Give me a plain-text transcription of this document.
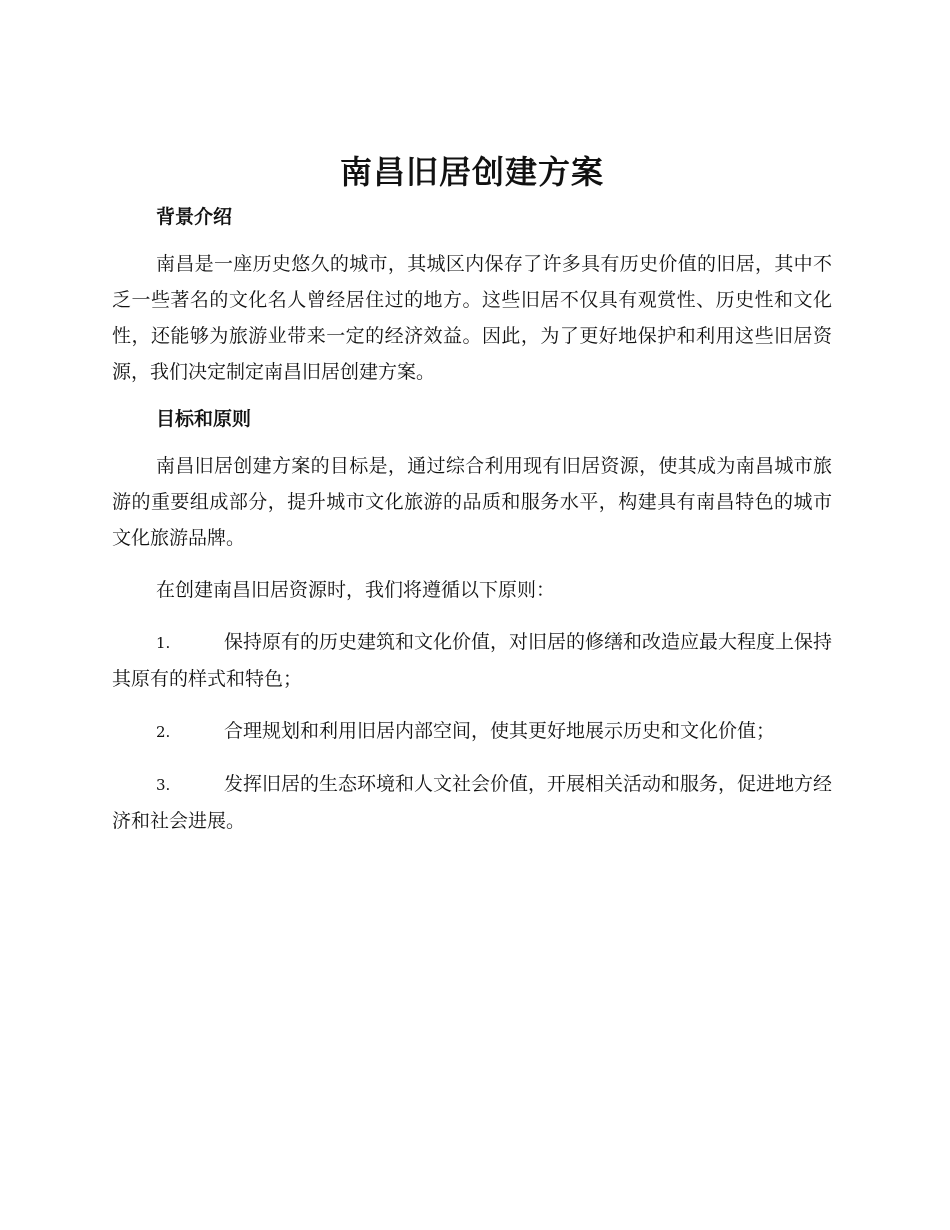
南昌旧居创建方案
背景介绍

南昌是一座历史悠久的城市，其城区内保存了许多具有历史价值的旧居，其中不乏一些著名的文化名人曾经居住过的地方。这些旧居不仅具有观赏性、历史性和文化性，还能够为旅游业带来一定的经济效益。因此，为了更好地保护和利用这些旧居资源，我们决定制定南昌旧居创建方案。

目标和原则

南昌旧居创建方案的目标是，通过综合利用现有旧居资源，使其成为南昌城市旅游的重要组成部分，提升城市文化旅游的品质和服务水平，构建具有南昌特色的城市文化旅游品牌。

在创建南昌旧居资源时，我们将遵循以下原则：

1.	保持原有的历史建筑和文化价值，对旧居的修缮和改造应最大程度上保持其原有的样式和特色；

2.	合理规划和利用旧居内部空间，使其更好地展示历史和文化价值；

3.	发挥旧居的生态环境和人文社会价值，开展相关活动和服务，促进地方经济和社会进展。
